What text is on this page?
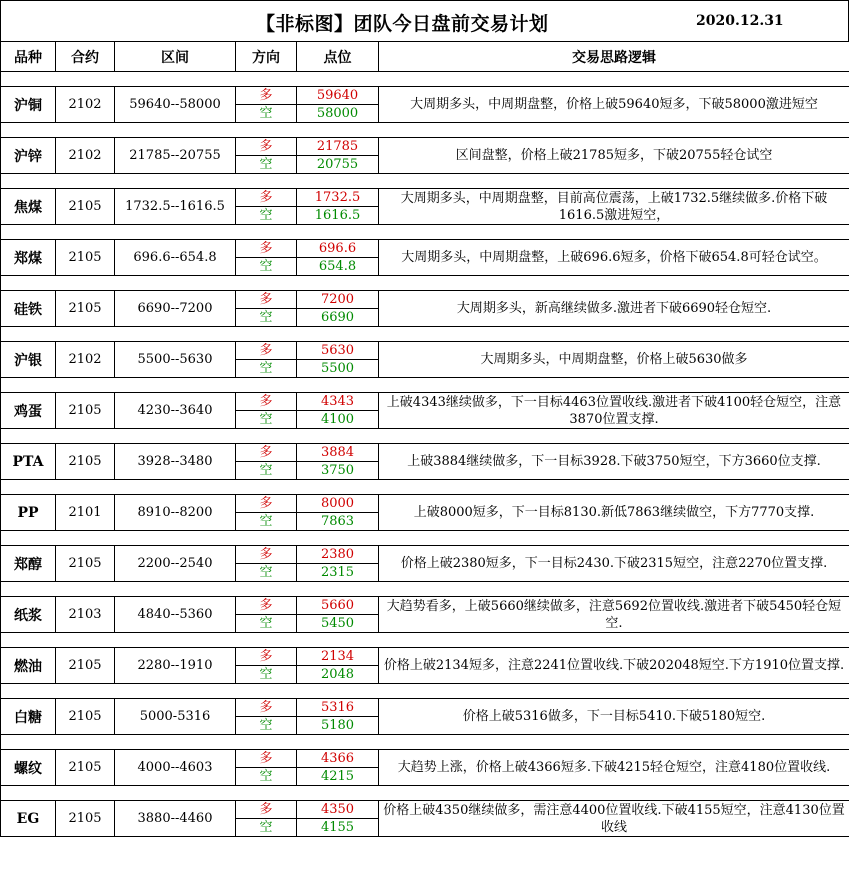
【非标图】团队今日盘前交易计划	2020.12.31
品种	合约	区间	方向	点位	交易思路逻辑

沪铜	2102	59640--58000	多	59640	大周期多头，中周期盘整，价格上破59640短多，下破58000激进短空
			空	58000	

沪锌	2102	21785--20755	多	21785	区间盘整，价格上破21785短多，下破20755轻仓试空
			空	20755	

焦煤	2105	1732.5--1616.5	多	1732.5	大周期多头，中周期盘整，目前高位震荡，上破1732.5继续做多.价格下破1616.5激进短空，
			空	1616.5	

郑煤	2105	696.6--654.8	多	696.6	大周期多头，中周期盘整，上破696.6短多，价格下破654.8可轻仓试空。
			空	654.8	

硅铁	2105	6690--7200	多	7200	大周期多头，新高继续做多.激进者下破6690轻仓短空.
			空	6690	

沪银	2102	5500--5630	多	5630	大周期多头，中周期盘整，价格上破5630做多
			空	5500	

鸡蛋	2105	4230--3640	多	4343	上破4343继续做多，下一目标4463位置收线.激进者下破4100轻仓短空，注意3870位置支撑.
			空	4100	

PTA	2105	3928--3480	多	3884	上破3884继续做多，下一目标3928.下破3750短空，下方3660位支撑.
			空	3750	

PP	2101	8910--8200	多	8000	上破8000短多，下一目标8130.新低7863继续做空，下方7770支撑.
			空	7863	

郑醇	2105	2200--2540	多	2380	价格上破2380短多，下一目标2430.下破2315短空，注意2270位置支撑.
			空	2315	

纸浆	2103	4840--5360	多	5660	大趋势看多，上破5660继续做多，注意5692位置收线.激进者下破5450轻仓短空.
			空	5450	

燃油	2105	2280--1910	多	2134	价格上破2134短多，注意2241位置收线.下破202048短空.下方1910位置支撑.
			空	2048	

白糖	2105	5000-5316	多	5316	价格上破5316做多，下一目标5410.下破5180短空.
			空	5180	

螺纹	2105	4000--4603	多	4366	大趋势上涨，价格上破4366短多.下破4215轻仓短空，注意4180位置收线.
			空	4215	

EG	2105	3880--4460	多	4350	价格上破4350继续做多，需注意4400位置收线.下破4155短空，注意4130位置收线
			空	4155	
